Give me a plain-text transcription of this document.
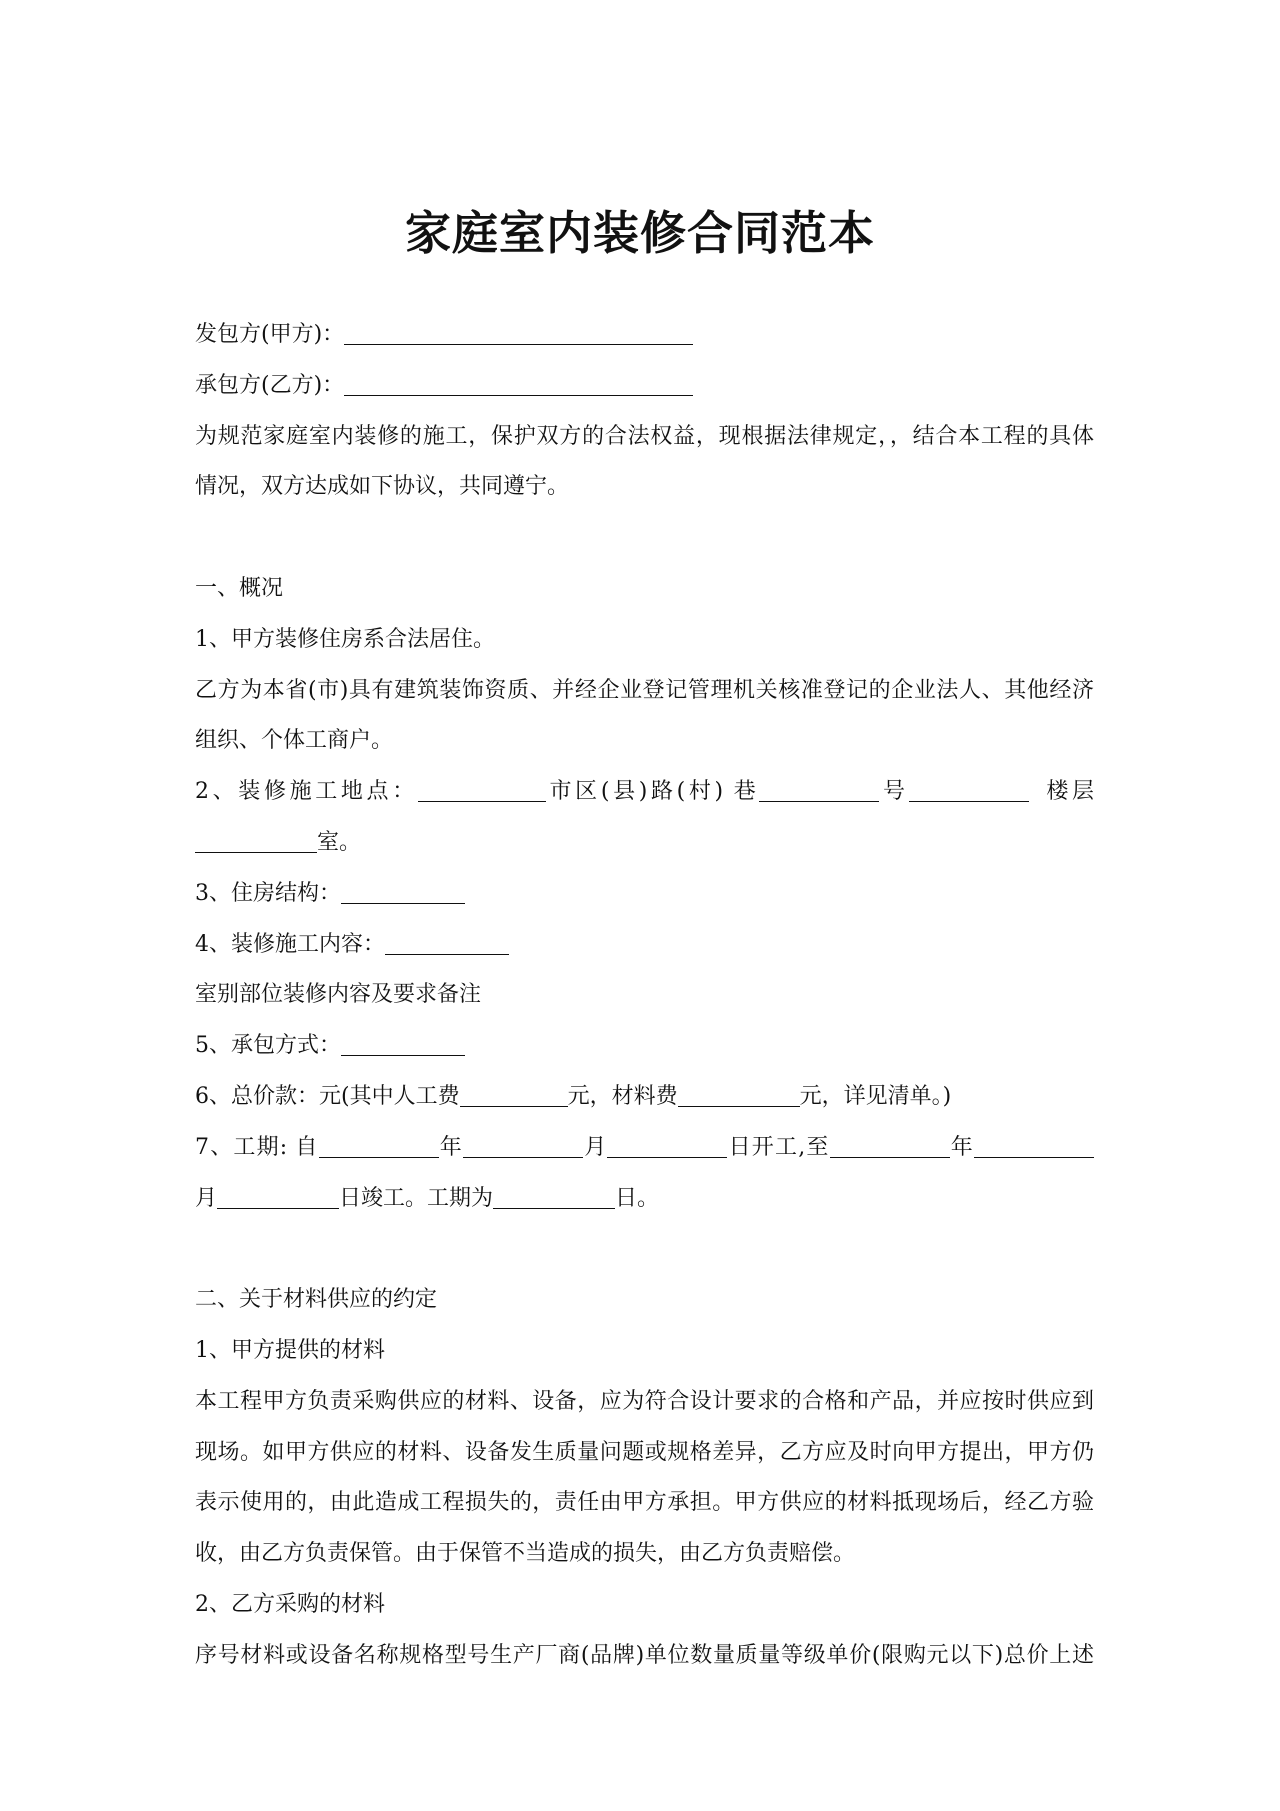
家庭室内装修合同范本
发包方(甲方)：
承包方(乙方)：
为规范家庭室内装修的施工，保护双方的合法权益，现根据法律规定，，结合本工程的具体
情况，双方达成如下协议，共同遵宁。
一、概况
1、甲方装修住房系合法居住。
乙方为本省(市)具有建筑装饰资质、并经企业登记管理机关核准登记的企业法人、其他经济
组织、个体工商户。
2、装修施工地点：	市区(县)路(村) 巷	号	楼层
室。
3、住房结构：
4、装修施工内容：
室别部位装修内容及要求备注
5、承包方式：
6、总价款：元(其中人工费	元，材料费	元，详见清单。)
7、工期: 自	年	月	日开工,至	年
月	日竣工。工期为	日。
二、关于材料供应的约定
1、甲方提供的材料
本工程甲方负责采购供应的材料、设备，应为符合设计要求的合格和产品，并应按时供应到
现场。如甲方供应的材料、设备发生质量问题或规格差异，乙方应及时向甲方提出，甲方仍
表示使用的，由此造成工程损失的，责任由甲方承担。甲方供应的材料抵现场后，经乙方验
收，由乙方负责保管。由于保管不当造成的损失，由乙方负责赔偿。
2、乙方采购的材料
序号材料或设备名称规格型号生产厂商(品牌)单位数量质量等级单价(限购元以下)总价上述
